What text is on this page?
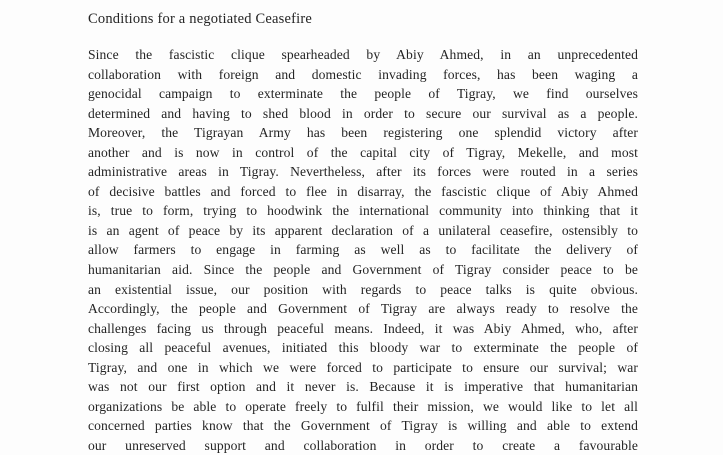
Conditions for a negotiated Ceasefire
Since the fascistic clique spearheaded by Abiy Ahmed, in an unprecedented
collaboration with foreign and domestic invading forces, has been waging a
genocidal campaign to exterminate the people of Tigray, we find ourselves
determined and having to shed blood in order to secure our survival as a people.
Moreover, the Tigrayan Army has been registering one splendid victory after
another and is now in control of the capital city of Tigray, Mekelle, and most
administrative areas in Tigray. Nevertheless, after its forces were routed in a series
of decisive battles and forced to flee in disarray, the fascistic clique of Abiy Ahmed
is, true to form, trying to hoodwink the international community into thinking that it
is an agent of peace by its apparent declaration of a unilateral ceasefire, ostensibly to
allow farmers to engage in farming as well as to facilitate the delivery of
humanitarian aid. Since the people and Government of Tigray consider peace to be
an existential issue, our position with regards to peace talks is quite obvious.
Accordingly, the people and Government of Tigray are always ready to resolve the
challenges facing us through peaceful means. Indeed, it was Abiy Ahmed, who, after
closing all peaceful avenues, initiated this bloody war to exterminate the people of
Tigray, and one in which we were forced to participate to ensure our survival; war
was not our first option and it never is. Because it is imperative that humanitarian
organizations be able to operate freely to fulfil their mission, we would like to let all
concerned parties know that the Government of Tigray is willing and able to extend
our unreserved support and collaboration in order to create a favourable
